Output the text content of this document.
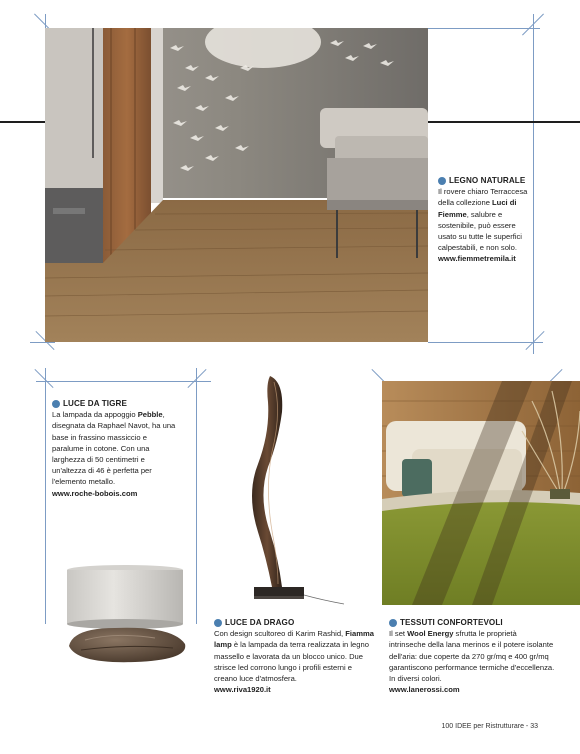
LEGNO NATURALE
Il rovere chiaro Terraccesa della collezione Luci di Fiemme, salubre e sostenibile, può essere usato su tutte le superfici calpestabili, e non solo.
www.fiemmetremila.it
LUCE DA TIGRE
La lampada da appoggio Pebble, disegnata da Raphael Navot, ha una base in frassino massiccio e paralume in cotone. Con una larghezza di 50 centimetri e un'altezza di 46 è perfetta per l'elemento metallo.
www.roche-bobois.com
LUCE DA DRAGO
Con design scultoreo di Karim Rashid, Fiamma lamp è la lampada da terra realizzata in legno massello e lavorata da un blocco unico. Due strisce led corrono lungo i profili esterni e creano luce d'atmosfera.
www.riva1920.it
TESSUTI CONFORTEVOLI
Il set Wool Energy sfrutta le proprietà intrinseche della lana merinos e il potere isolante dell'aria: due coperte da 270 gr/mq e 400 gr/mq garantiscono performance termiche d'eccellenza. In diversi colori.
www.lanerossi.com
100 IDEE per Ristrutturare - 33
